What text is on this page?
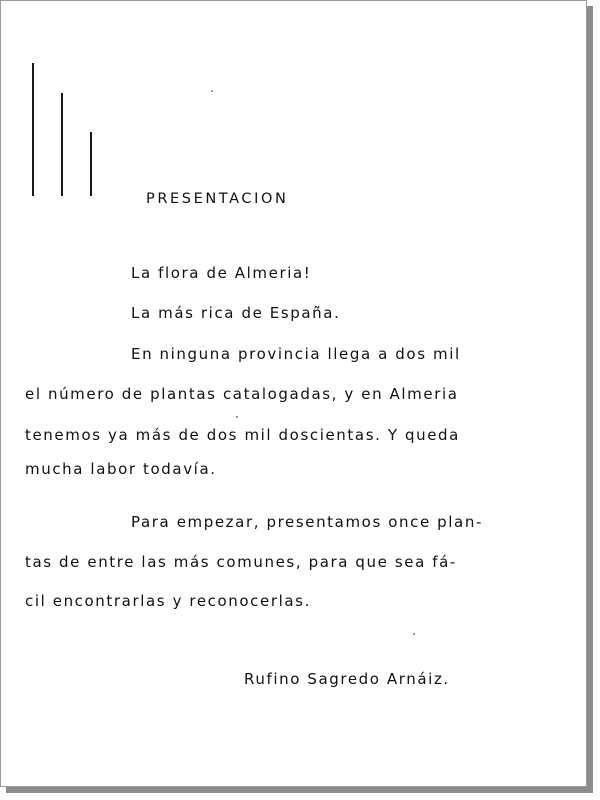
PRESENTACION
La flora de Almeria!
La más rica de España.
En ninguna provincia llega a dos mil
el número de plantas catalogadas, y en Almeria
tenemos ya más de dos mil doscientas. Y queda
mucha labor todavía.
Para empezar, presentamos once plan-
tas de entre las más comunes, para que sea fá-
cil encontrarlas y reconocerlas.
Rufino Sagredo Arnáiz.
